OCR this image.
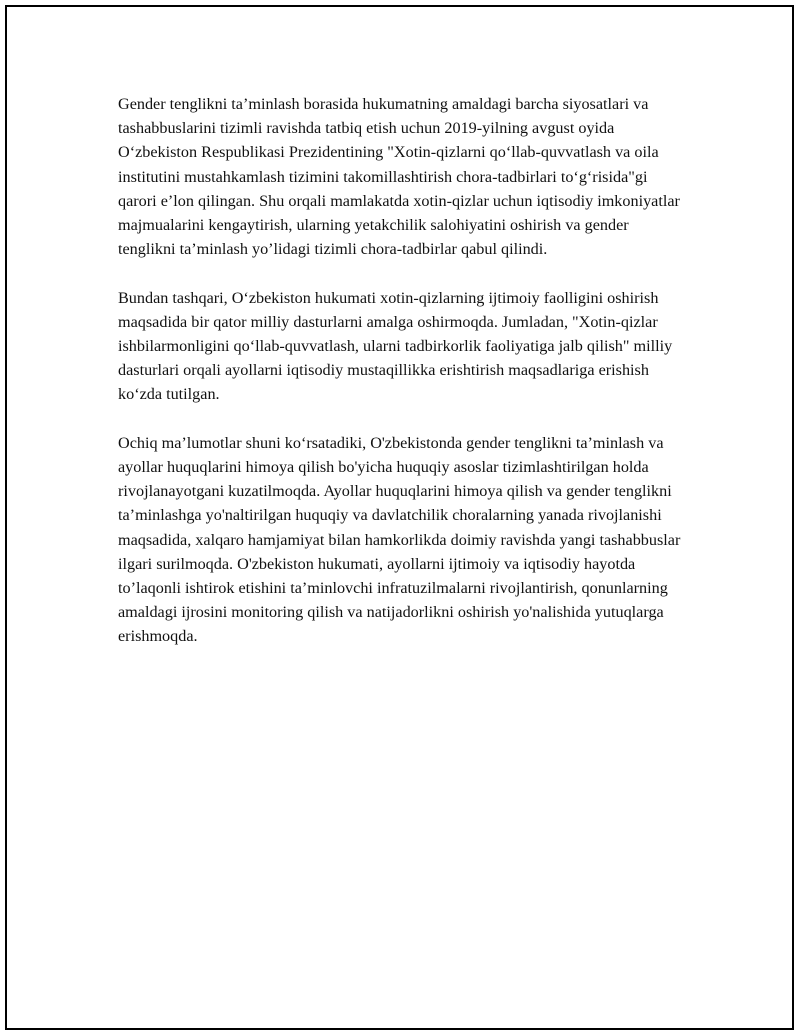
Gender tenglikni ta’minlash borasida hukumatning amaldagi barcha siyosatlari va tashabbuslarini tizimli ravishda tatbiq etish uchun 2019-yilning avgust oyida O‘zbekiston Respublikasi Prezidentining "Xotin-qizlarni qo‘llab-quvvatlash va oila institutini mustahkamlash tizimini takomillashtirish chora-tadbirlari to‘g‘risida"gi qarori e’lon qilingan. Shu orqali mamlakatda xotin-qizlar uchun iqtisodiy imkoniyatlar majmualarini kengaytirish, ularning yetakchilik salohiyatini oshirish va gender tenglikni ta’minlash yo’lidagi tizimli chora-tadbirlar qabul qilindi.

Bundan tashqari, O‘zbekiston hukumati xotin-qizlarning ijtimoiy faolligini oshirish maqsadida bir qator milliy dasturlarni amalga oshirmoqda. Jumladan, "Xotin-qizlar ishbilarmonligini qo‘llab-quvvatlash, ularni tadbirkorlik faoliyatiga jalb qilish" milliy dasturlari orqali ayollarni iqtisodiy mustaqillikka erishtirish maqsadlariga erishish ko‘zda tutilgan.

Ochiq ma’lumotlar shuni ko‘rsatadiki, O'zbekistonda gender tenglikni ta’minlash va ayollar huquqlarini himoya qilish bo'yicha huquqiy asoslar tizimlashtirilgan holda rivojlanayotgani kuzatilmoqda. Ayollar huquqlarini himoya qilish va gender tenglikni ta’minlashga yo'naltirilgan huquqiy va davlatchilik choralarning yanada rivojlanishi maqsadida, xalqaro hamjamiyat bilan hamkorlikda doimiy ravishda yangi tashabbuslar ilgari surilmoqda. O'zbekiston hukumati, ayollarni ijtimoiy va iqtisodiy hayotda to’laqonli ishtirok etishini ta’minlovchi infratuzilmalarni rivojlantirish, qonunlarning amaldagi ijrosini monitoring qilish va natijadorlikni oshirish yo'nalishida yutuqlarga erishmoqda.
